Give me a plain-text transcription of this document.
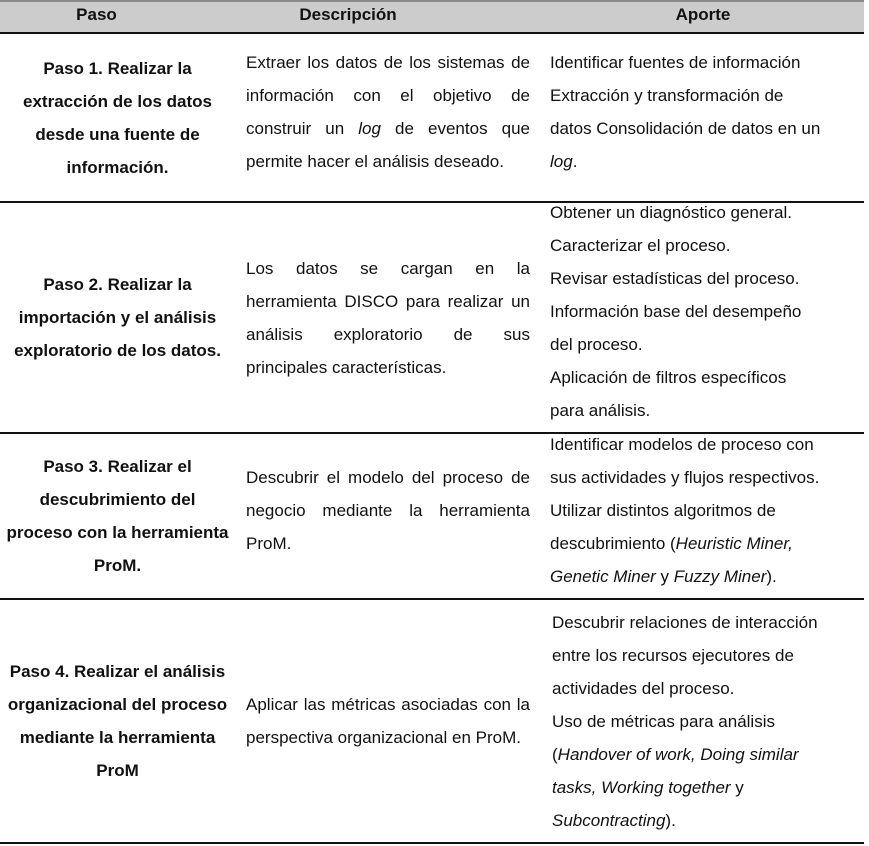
Paso	Descripción	Aporte
Paso 1. Realizar la extracción de los datos desde una fuente de información.
Extraer los datos de los sistemas de información con el objetivo de construir un log de eventos que permite hacer el análisis deseado.
Identificar fuentes de información
Extracción y transformación de
datos Consolidación de datos en un
log.
Paso 2. Realizar la importación y el análisis exploratorio de los datos.
Los datos se cargan en la herramienta DISCO para realizar un análisis exploratorio de sus principales características.
Obtener un diagnóstico general.
Caracterizar el proceso.
Revisar estadísticas del proceso.
Información base del desempeño
del proceso.
Aplicación de filtros específicos
para análisis.
Paso 3. Realizar el descubrimiento del proceso con la herramienta ProM.
Descubrir el modelo del proceso de negocio mediante la herramienta ProM.
Identificar modelos de proceso con
sus actividades y flujos respectivos.
Utilizar distintos algoritmos de
descubrimiento (Heuristic Miner,
Genetic Miner y Fuzzy Miner).
Paso 4. Realizar el análisis organizacional del proceso mediante la herramienta ProM
Aplicar las métricas asociadas con la perspectiva organizacional en ProM.
Descubrir relaciones de interacción
entre los recursos ejecutores de
actividades del proceso.
Uso de métricas para análisis
(Handover of work, Doing similar
tasks, Working together y
Subcontracting).
